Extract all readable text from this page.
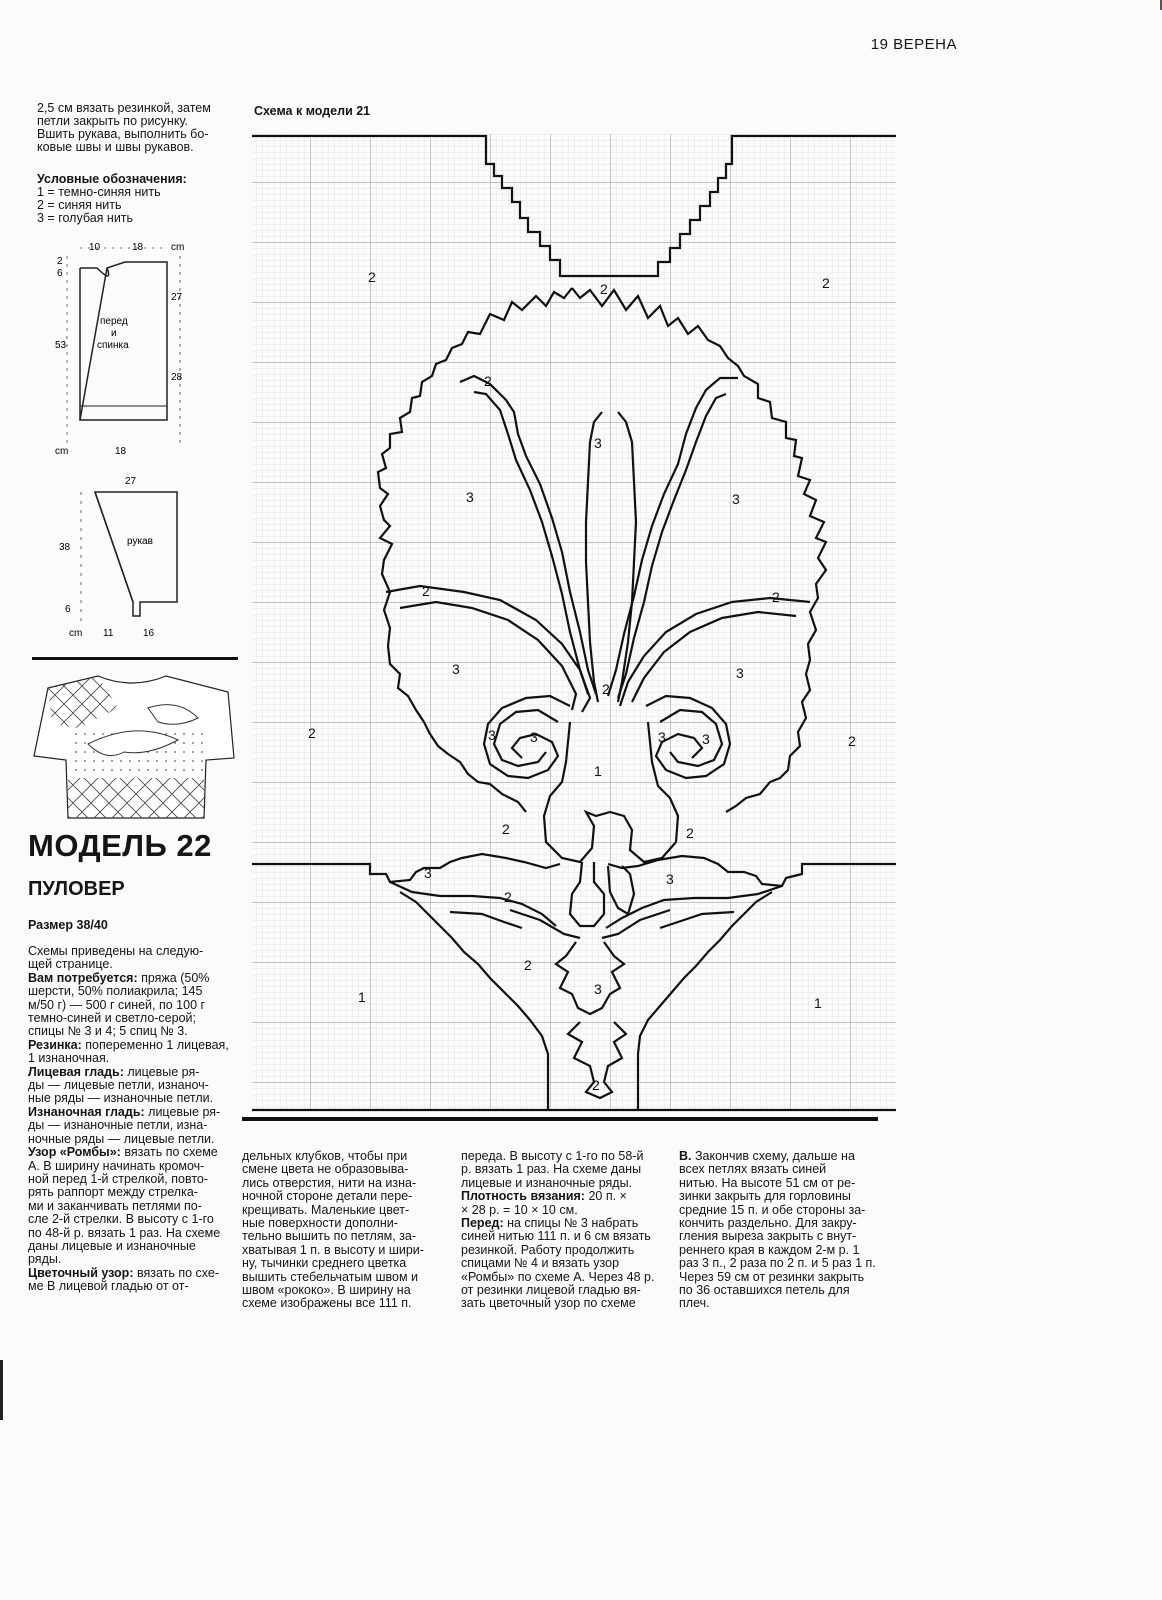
19 ВЕРЕНА
2,5 см вязать резинкой, затем
петли закрыть по рисунку.
Вшить рукава, выполнить бо-
ковые швы и швы рукавов.
Условные обозначения:
1 = темно-синяя нить
2 = синяя нить
3 = голубая нить
10	18	cm
2
6
53
27
28
перед
и
спинка
cm	18
27
38
6
рукав
cm 11	16
МОДЕЛЬ 22
ПУЛОВЕР
Размер 38/40
Схема к модели 21
2
2	2
2
3
3	3
2	2
3	3
2
2	3 3	3	3
1
2
2
3	3
2
2
2
3
1	1
2
Схемы приведены на следую-
щей странице.
Вам потребуется: пряжа (50%
шерсти, 50% полиакрила; 145
м/50 г) — 500 г синей, по 100 г
темно-синей и светло-серой;
спицы № 3 и 4; 5 спиц № 3.
Резинка: попеременно 1 лицевая,
1 изнаночная.
Лицевая гладь: лицевые ря-
ды — лицевые петли, изнаноч-
ные ряды — изнаночные петли.
Изнаночная гладь: лицевые ря-
ды — изнаночные петли, изна-
ночные ряды — лицевые петли.
Узор «Ромбы»: вязать по схеме
А. В ширину начинать кромоч-
ной перед 1-й стрелкой, повто-
рять раппорт между стрелка-
ми и заканчивать петлями по-
сле 2-й стрелки. В высоту с 1-го
по 48-й р. вязать 1 раз. На схеме
даны лицевые и изнаночные
ряды.
Цветочный узор: вязать по схе-
ме В лицевой гладью от от-
дельных клубков, чтобы при
смене цвета не образовыва-
лись отверстия, нити на изна-
ночной стороне детали пере-
крещивать. Маленькие цвет-
ные поверхности дополни-
тельно вышить по петлям, за-
хватывая 1 п. в высоту и шири-
ну, тычинки среднего цветка
вышить стебельчатым швом и
швом «рококо». В ширину на
схеме изображены все 111 п.
переда. В высоту с 1-го по 58-й
р. вязать 1 раз. На схеме даны
лицевые и изнаночные ряды.
Плотность вязания: 20 п. ×
× 28 р. = 10 × 10 см.
Перед: на спицы № 3 набрать
синей нитью 111 п. и 6 см вязать
резинкой. Работу продолжить
спицами № 4 и вязать узор
«Ромбы» по схеме А. Через 48 р.
от резинки лицевой гладью вя-
зать цветочный узор по схеме
В. Закончив схему, дальше на
всех петлях вязать синей
нитью. На высоте 51 см от ре-
зинки закрыть для горловины
средние 15 п. и обе стороны за-
кончить раздельно. Для закру-
гления выреза закрыть с внут-
реннего края в каждом 2-м р. 1
раз 3 п., 2 раза по 2 п. и 5 раз 1 п.
Через 59 см от резинки закрыть
по 36 оставшихся петель для
плеч.
